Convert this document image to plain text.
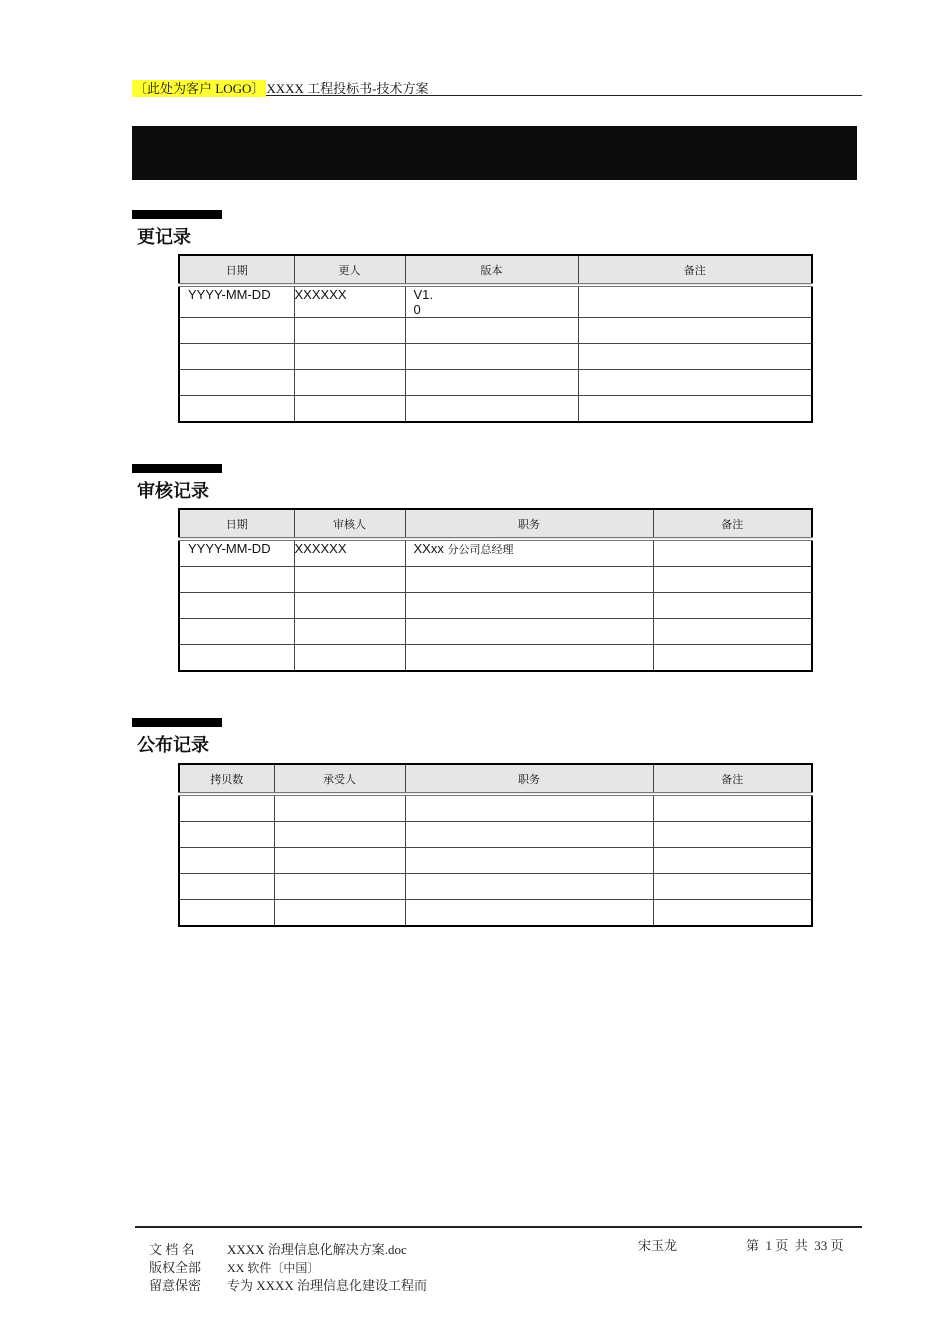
〔此处为客户 LOGO〕 XXXX 工程投标书-技术方案
更记录
日期	更人	版本	备注
YYYY-MM-DD	XXXXXX	V1.
0	

审核记录
日期	审核人	职务	备注
YYYY-MM-DD	XXXXXX	XXxx 分公司总经理	

公布记录
拷贝数	承受人	职务	备注

文 档 名
版权全部
留意保密
XXXX 治理信息化解决方案.doc
XX 软件〔中国〕
专为 XXXX 治理信息化建设工程而
宋玉龙	第  1 页  共  33 页
